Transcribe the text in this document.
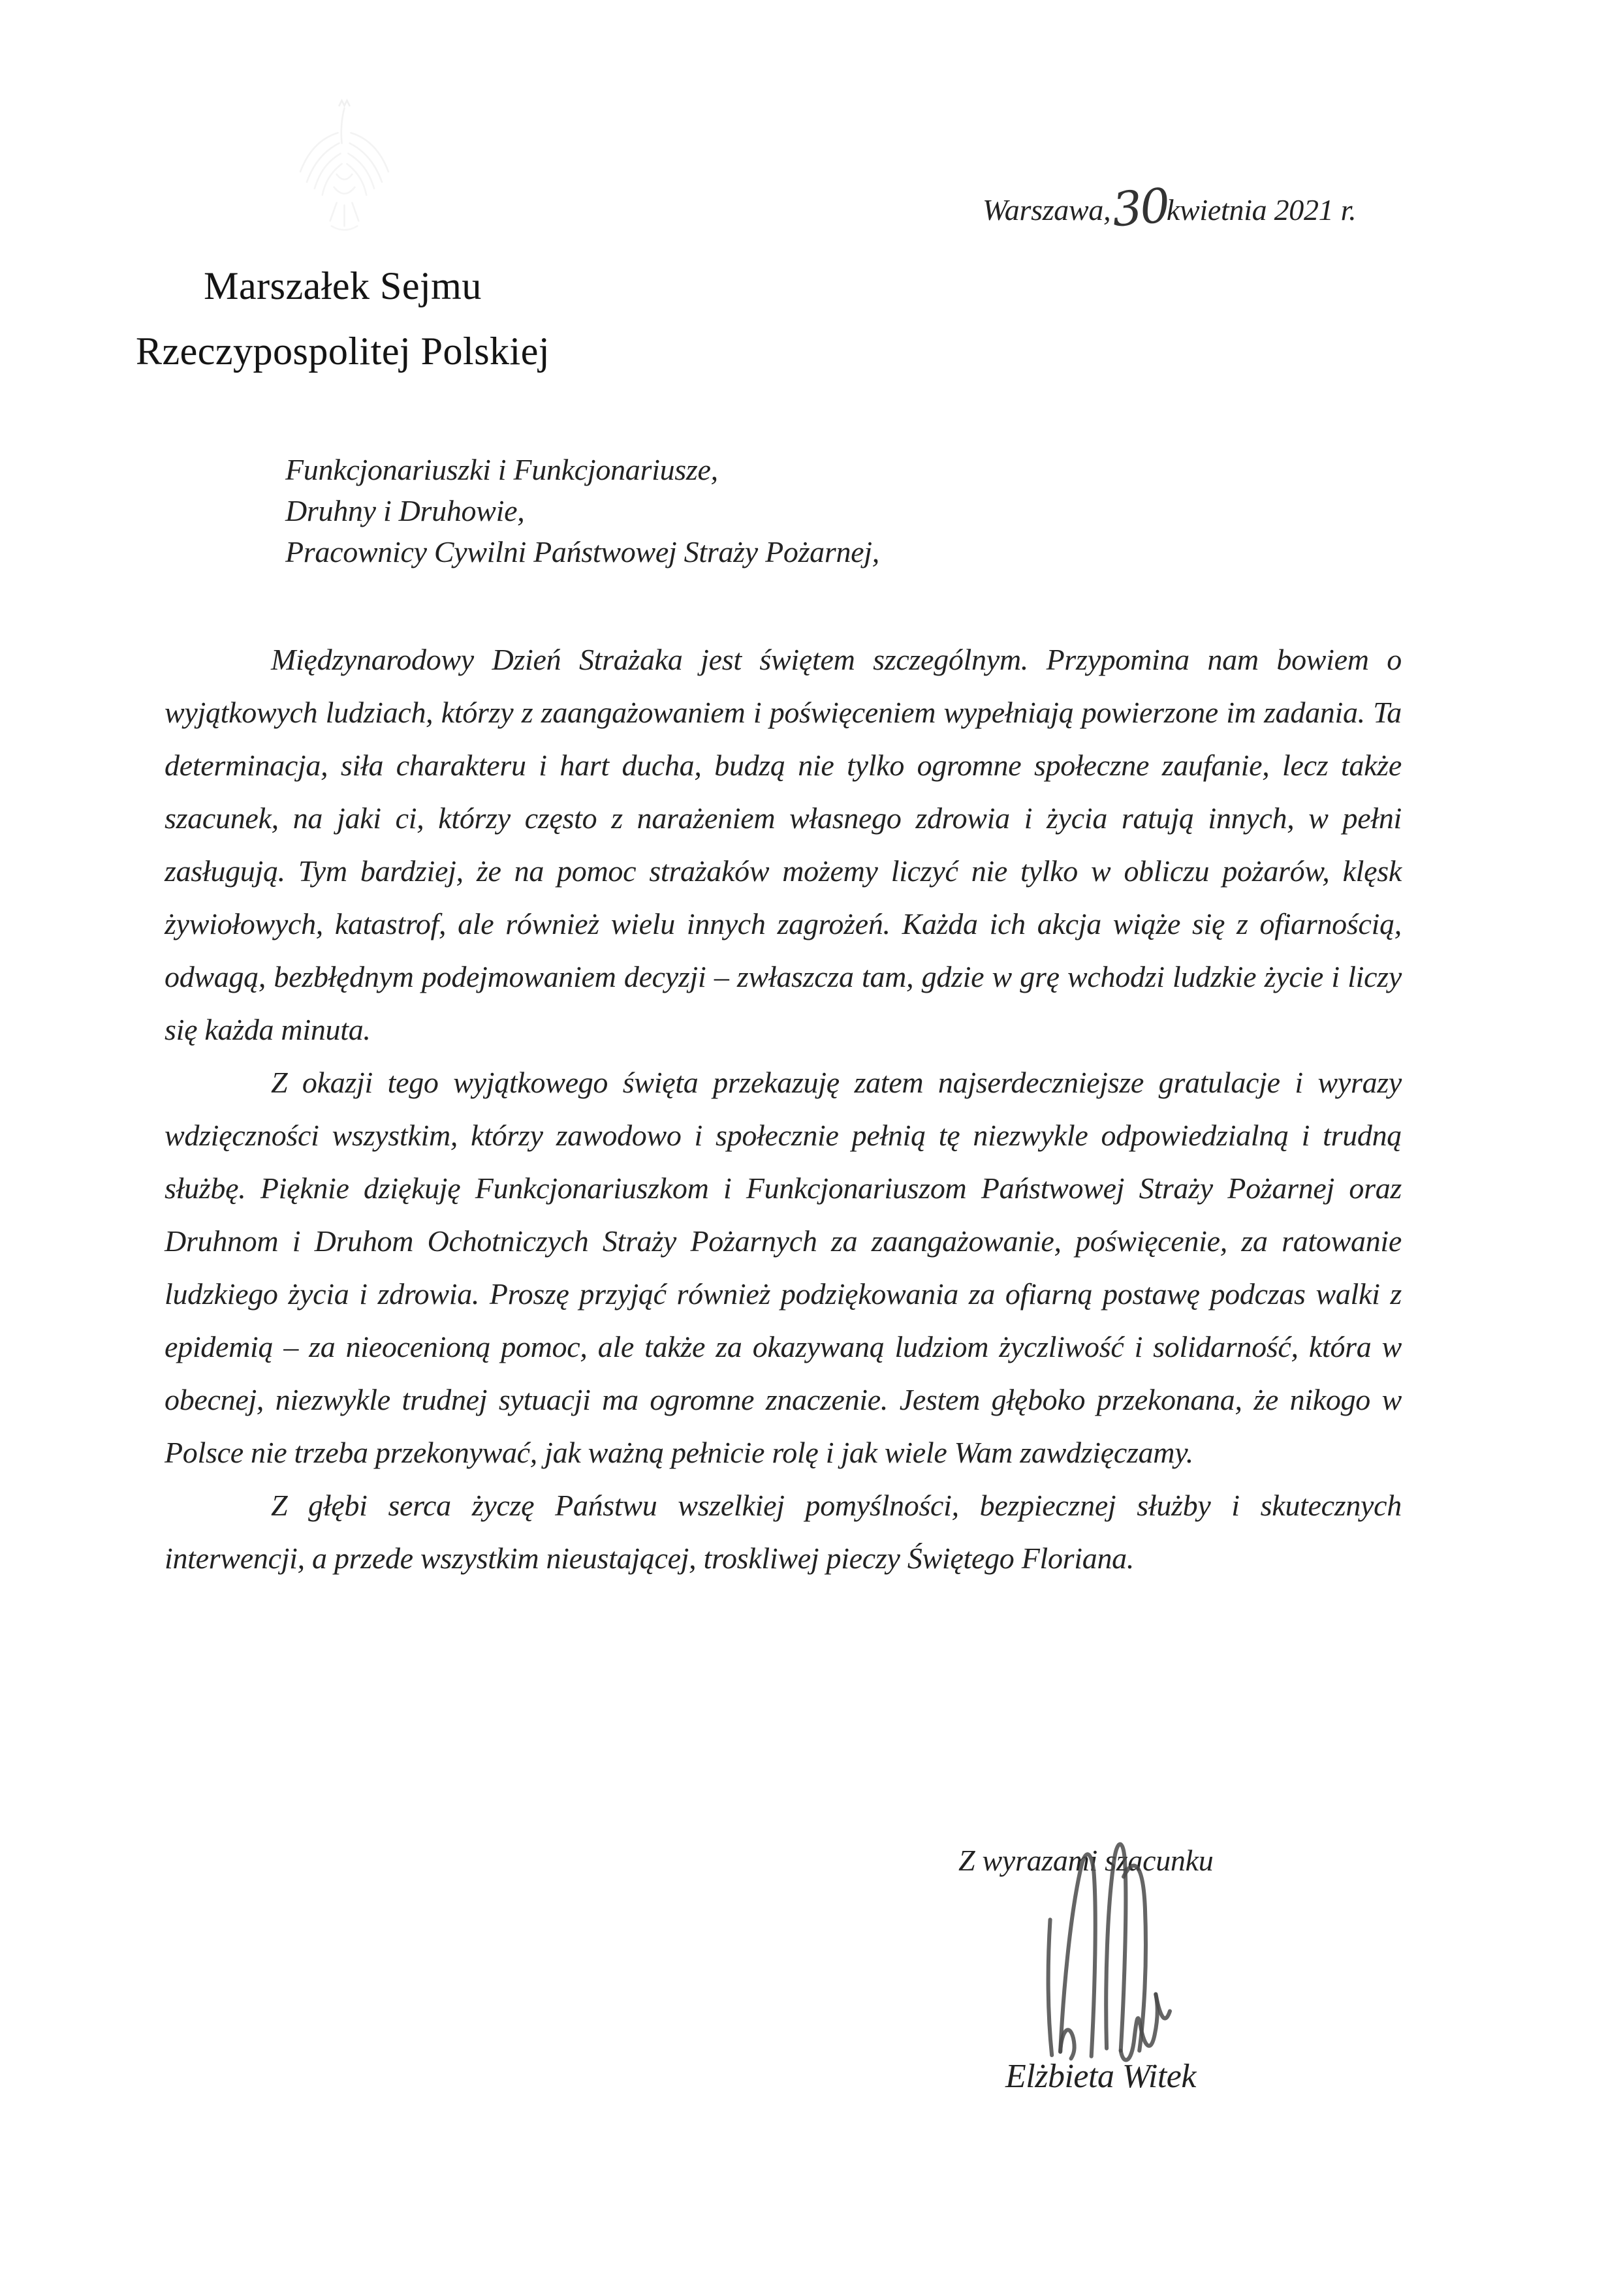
Warszawa,30kwietnia 2021 r.
Marszałek Sejmu
Rzeczypospolitej Polskiej
Funkcjonariuszki i Funkcjonariusze,
Druhny i Druhowie,
Pracownicy Cywilni Państwowej Straży Pożarnej,

Międzynarodowy Dzień Strażaka jest świętem szczególnym. Przypomina nam bowiem o wyjątkowych ludziach, którzy z zaangażowaniem i poświęceniem wypełniają powierzone im zadania. Ta determinacja, siła charakteru i hart ducha, budzą nie tylko ogromne społeczne zaufanie, lecz także szacunek, na jaki ci, którzy często z narażeniem własnego zdrowia i życia ratują innych, w pełni zasługują. Tym bardziej, że na pomoc strażaków możemy liczyć nie tylko w obliczu pożarów, klęsk żywiołowych, katastrof, ale również wielu innych zagrożeń. Każda ich akcja wiąże się z ofiarnością, odwagą, bezbłędnym podejmowaniem decyzji – zwłaszcza tam, gdzie w grę wchodzi ludzkie życie i liczy się każda minuta.

Z okazji tego wyjątkowego święta przekazuję zatem najserdeczniejsze gratulacje i wyrazy wdzięczności wszystkim, którzy zawodowo i społecznie pełnią tę niezwykle odpowiedzialną i trudną służbę. Pięknie dziękuję Funkcjonariuszkom i Funkcjonariuszom Państwowej Straży Pożarnej oraz Druhnom i Druhom Ochotniczych Straży Pożarnych za zaangażowanie, poświęcenie, za ratowanie ludzkiego życia i zdrowia. Proszę przyjąć również podziękowania za ofiarną postawę podczas walki z epidemią – za nieocenioną pomoc, ale także za okazywaną ludziom życzliwość i solidarność, która w obecnej, niezwykle trudnej sytuacji ma ogromne znaczenie. Jestem głęboko przekonana, że nikogo w Polsce nie trzeba przekonywać, jak ważną pełnicie rolę i jak wiele Wam zawdzięczamy.

Z głębi serca życzę Państwu wszelkiej pomyślności, bezpiecznej służby i skutecznych interwencji, a przede wszystkim nieustającej, troskliwej pieczy Świętego Floriana.

Z wyrazami szacunku
Elżbieta Witek
